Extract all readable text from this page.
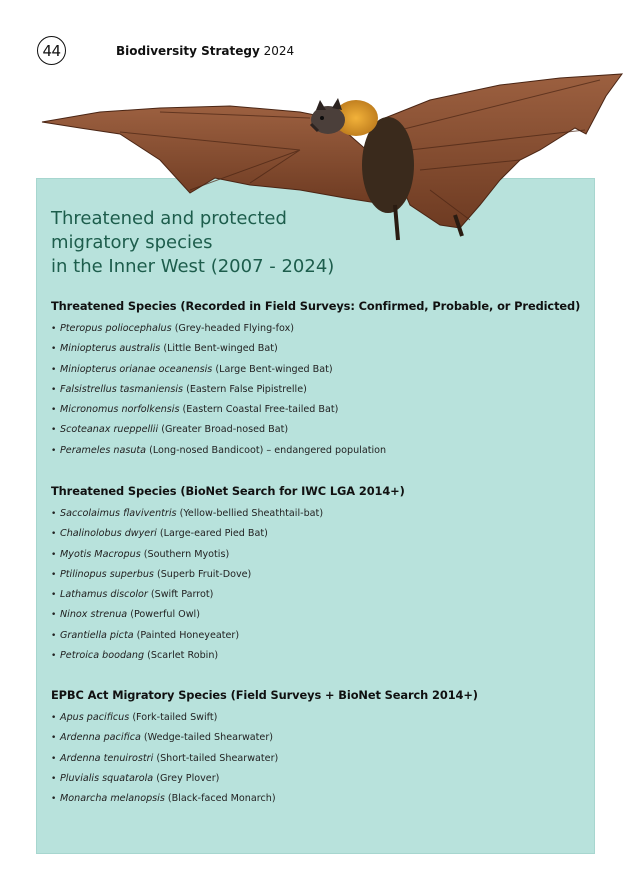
44	Biodiversity Strategy 2024
Threatened and protected
migratory species
in the Inner West (2007 - 2024)
Threatened Species (Recorded in Field Surveys: Confirmed, Probable, or Predicted)
• Pteropus poliocephalus (Grey-headed Flying-fox)
• Miniopterus australis (Little Bent-winged Bat)
• Miniopterus orianae oceanensis (Large Bent-winged Bat)
• Falsistrellus tasmaniensis (Eastern False Pipistrelle)
• Micronomus norfolkensis (Eastern Coastal Free-tailed Bat)
• Scoteanax rueppellii (Greater Broad-nosed Bat)
• Perameles nasuta (Long-nosed Bandicoot) – endangered population
Threatened Species (BioNet Search for IWC LGA 2014+)
• Saccolaimus flaviventris (Yellow-bellied Sheathtail-bat)
• Chalinolobus dwyeri (Large-eared Pied Bat)
• Myotis Macropus (Southern Myotis)
• Ptilinopus superbus (Superb Fruit-Dove)
• Lathamus discolor (Swift Parrot)
• Ninox strenua (Powerful Owl)
• Grantiella picta (Painted Honeyeater)
• Petroica boodang (Scarlet Robin)
EPBC Act Migratory Species (Field Surveys + BioNet Search 2014+)
• Apus pacificus (Fork-tailed Swift)
• Ardenna pacifica (Wedge-tailed Shearwater)
• Ardenna tenuirostri (Short-tailed Shearwater)
• Pluvialis squatarola (Grey Plover)
• Monarcha melanopsis (Black-faced Monarch)
